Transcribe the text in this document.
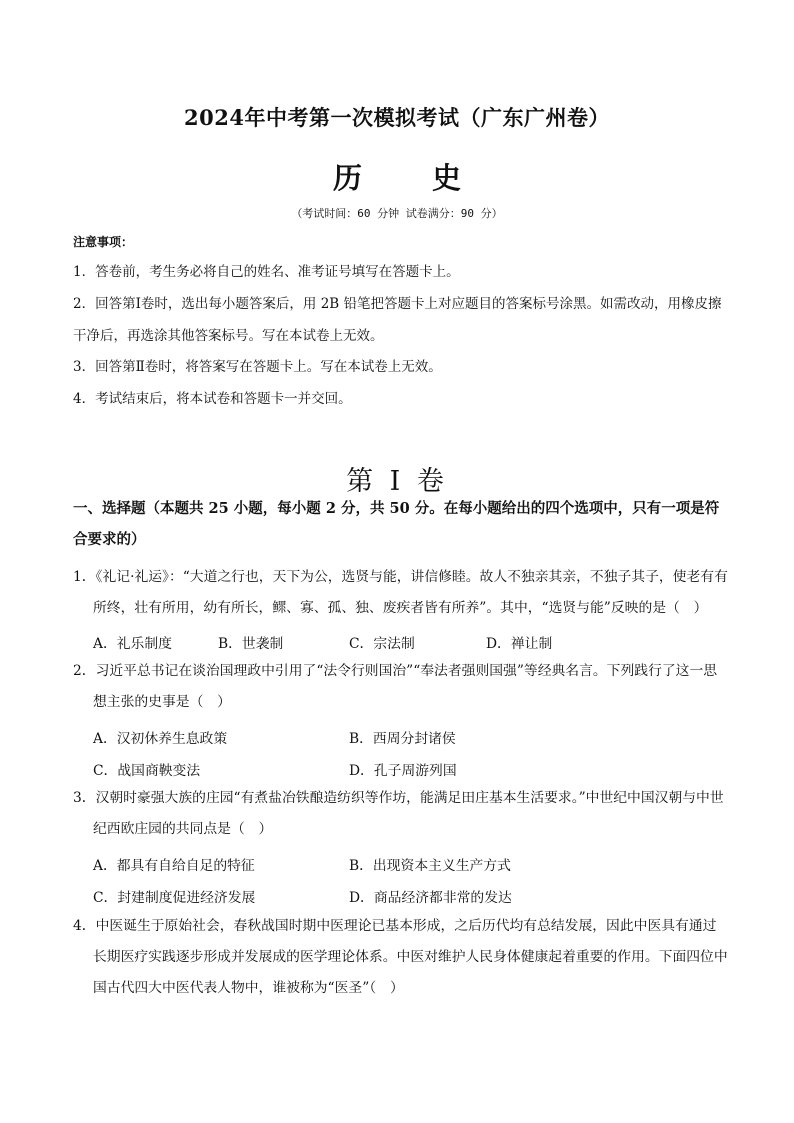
2024年中考第一次模拟考试（广东广州卷）
历 史
（考试时间：60 分钟 试卷满分：90 分）
注意事项：
1．答卷前，考生务必将自己的姓名、准考证号填写在答题卡上。
2．回答第Ⅰ卷时，选出每小题答案后，用 2B 铅笔把答题卡上对应题目的答案标号涂黑。如需改动，用橡皮擦干净后，再选涂其他答案标号。写在本试卷上无效。
3．回答第Ⅱ卷时，将答案写在答题卡上。写在本试卷上无效。
4．考试结束后，将本试卷和答题卡一并交回。
第 I 卷
一、选择题（本题共 25 小题，每小题 2 分，共 50 分。在每小题给出的四个选项中，只有一项是符合要求的）
1．《礼记·礼运》：“大道之行也，天下为公，选贤与能，讲信修睦。故人不独亲其亲，不独子其子，使老有有所终，壮有所用，幼有所长，鳏、寡、孤、独、废疾者皆有所养”。其中，“选贤与能”反映的是（　）
A．礼乐制度	B．世袭制	C．宗法制	D．禅让制
2．习近平总书记在谈治国理政中引用了“法令行则国治”“奉法者强则国强”等经典名言。下列践行了这一思想主张的史事是（　）
A．汉初休养生息政策	B．西周分封诸侯
C．战国商鞅变法	D．孔子周游列国
3．汉朝时豪强大族的庄园“有煮盐冶铁酿造纺织等作坊，能满足田庄基本生活要求。”中世纪中国汉朝与中世纪西欧庄园的共同点是（　）
A．都具有自给自足的特征	B．出现资本主义生产方式
C．封建制度促进经济发展	D．商品经济都非常的发达
4．中医诞生于原始社会，春秋战国时期中医理论已基本形成，之后历代均有总结发展，因此中医具有通过长期医疗实践逐步形成并发展成的医学理论体系。中医对维护人民身体健康起着重要的作用。下面四位中国古代四大中医代表人物中，谁被称为“医圣”（　）
